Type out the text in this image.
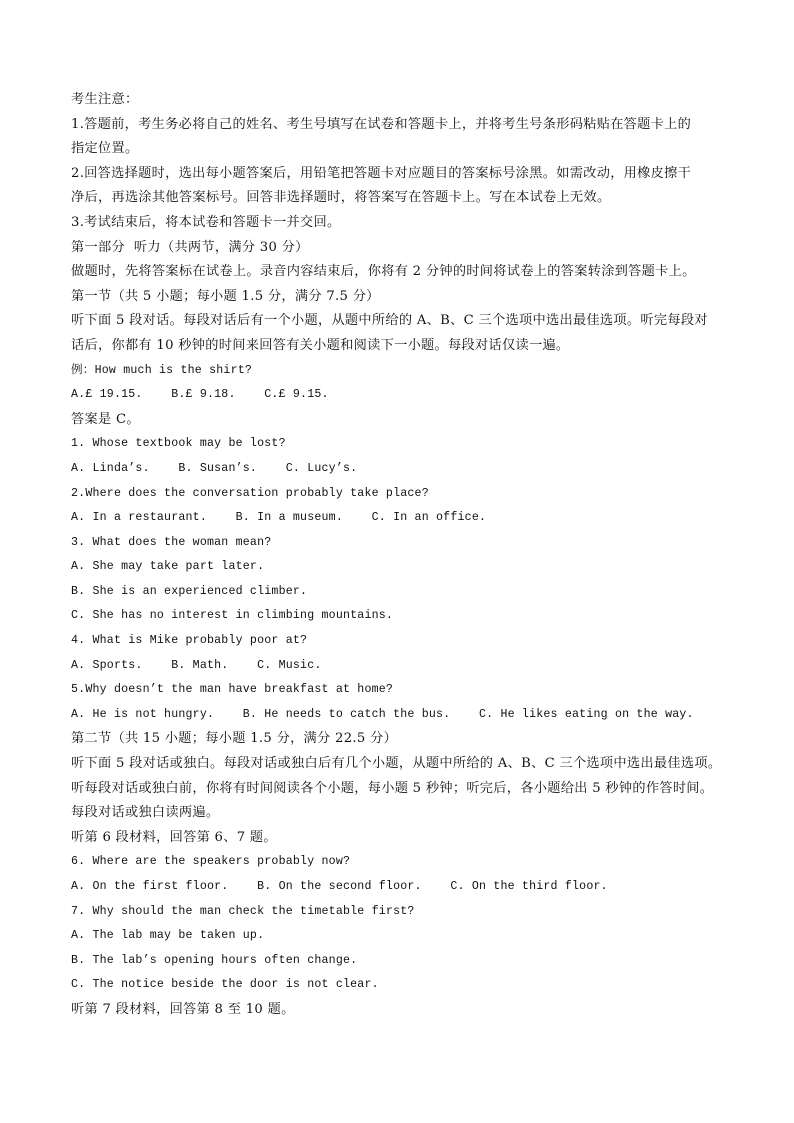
考生注意：
1.答题前，考生务必将自己的姓名、考生号填写在试卷和答题卡上，并将考生号条形码粘贴在答题卡上的
指定位置。
2.回答选择题时，选出每小题答案后，用铅笔把答题卡对应题目的答案标号涂黑。如需改动，用橡皮擦干
净后，再选涂其他答案标号。回答非选择题时，将答案写在答题卡上。写在本试卷上无效。
3.考试结束后，将本试卷和答题卡一并交回。
第一部分  听力（共两节，满分 30 分）
做题时，先将答案标在试卷上。录音内容结束后，你将有 2 分钟的时间将试卷上的答案转涂到答题卡上。
第一节（共 5 小题；每小题 1.5 分，满分 7.5 分）
听下面 5 段对话。每段对话后有一个小题，从题中所给的 A、B、C 三个选项中选出最佳选项。听完每段对
话后，你都有 10 秒钟的时间来回答有关小题和阅读下一小题。每段对话仅读一遍。
例：How much is the shirt?
A.£ 19.15.    B.£ 9.18.    C.£ 9.15.
答案是 C。
1. Whose textbook may be lost?
A. Linda’s.    B. Susan’s.    C. Lucy’s.
2.Where does the conversation probably take place?
A. In a restaurant.    B. In a museum.    C. In an office.
3. What does the woman mean?
A. She may take part later.
B. She is an experienced climber.
C. She has no interest in climbing mountains.
4. What is Mike probably poor at?
A. Sports.    B. Math.    C. Music.
5.Why doesn’t the man have breakfast at home?
A. He is not hungry.    B. He needs to catch the bus.    C. He likes eating on the way.
第二节（共 15 小题；每小题 1.5 分，满分 22.5 分）
听下面 5 段对话或独白。每段对话或独白后有几个小题，从题中所给的 A、B、C 三个选项中选出最佳选项。
听每段对话或独白前，你将有时间阅读各个小题，每小题 5 秒钟；听完后，各小题给出 5 秒钟的作答时间。
每段对话或独白读两遍。
听第 6 段材料，回答第 6、7 题。
6. Where are the speakers probably now?
A. On the first floor.    B. On the second floor.    C. On the third floor.
7. Why should the man check the timetable first?
A. The lab may be taken up.
B. The lab’s opening hours often change.
C. The notice beside the door is not clear.
听第 7 段材料，回答第 8 至 10 题。
